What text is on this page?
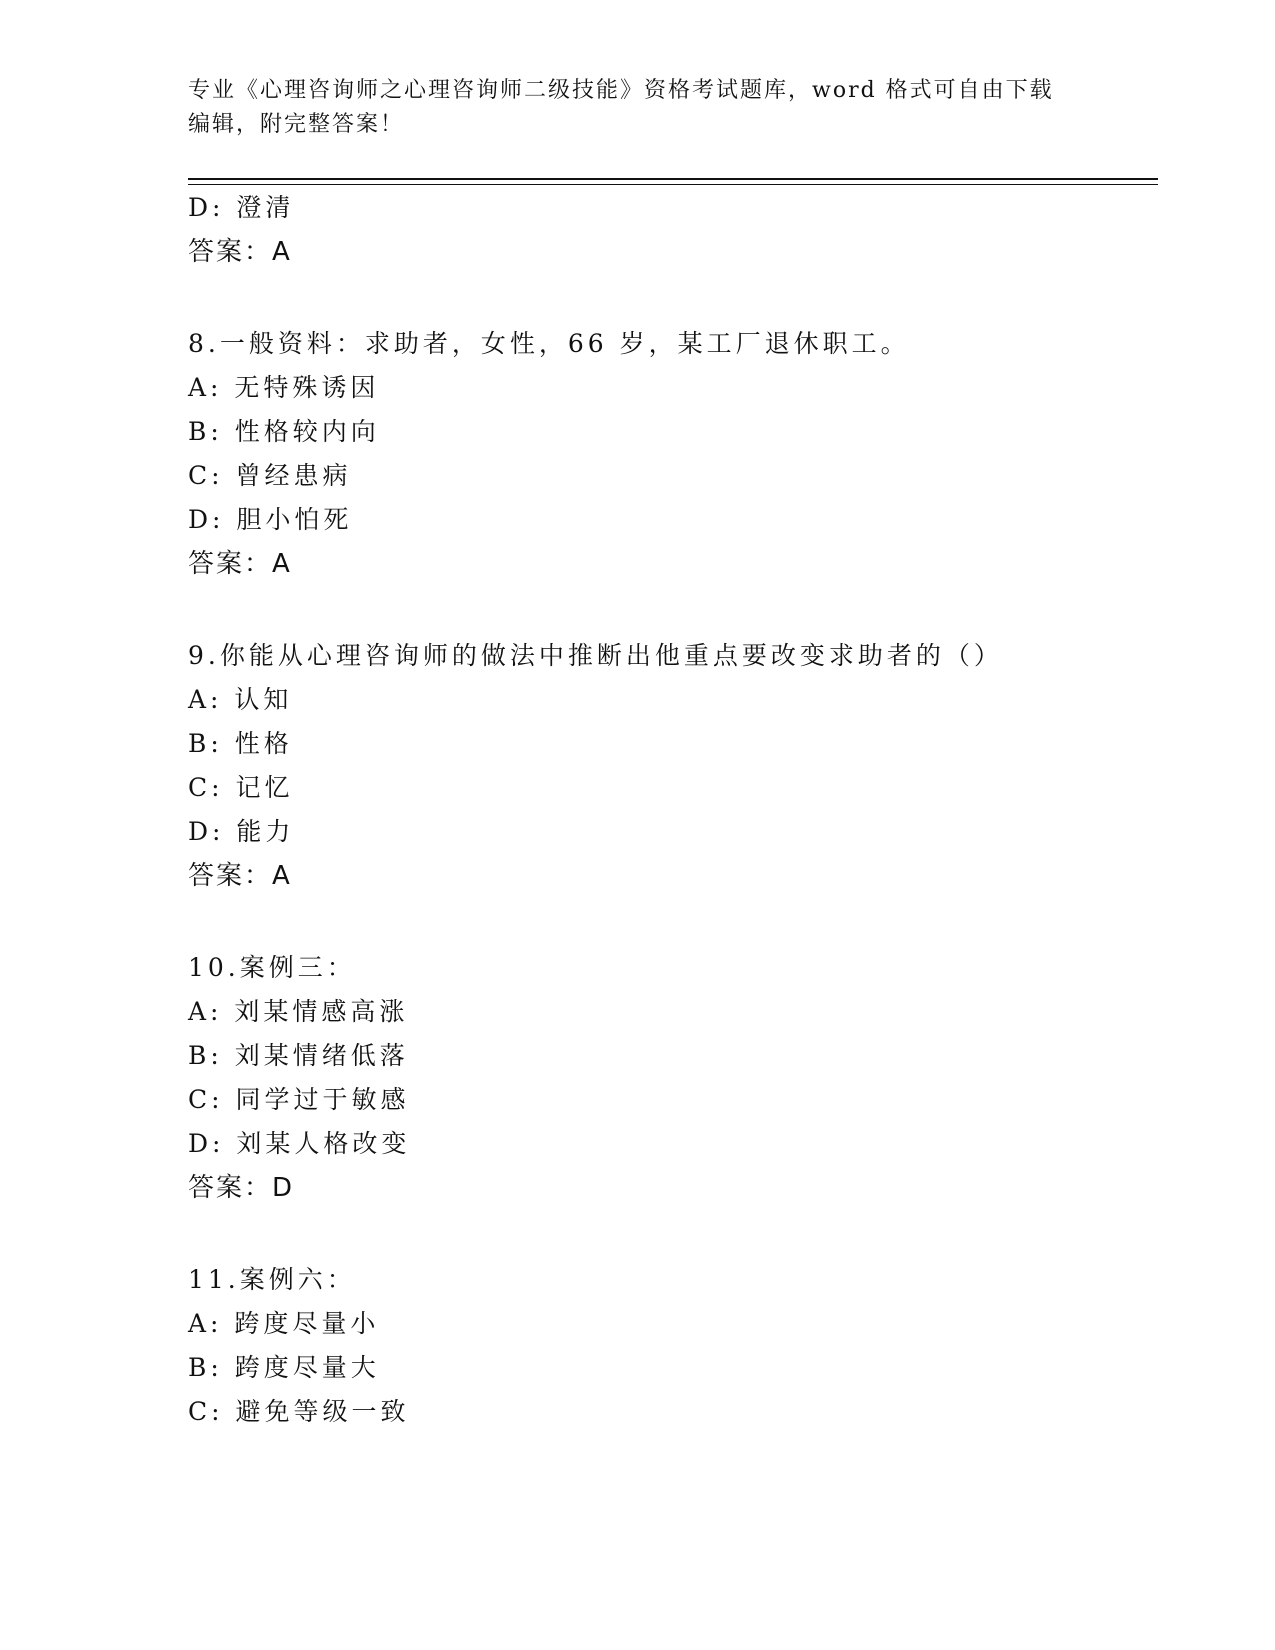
专业《心理咨询师之心理咨询师二级技能》资格考试题库，word 格式可自由下载
编辑，附完整答案！
D: 澄清
答案：A
8.一般资料：求助者，女性，66 岁，某工厂退休职工。
A: 无特殊诱因
B: 性格较内向
C: 曾经患病
D: 胆小怕死
答案：A
9.你能从心理咨询师的做法中推断出他重点要改变求助者的（）
A: 认知
B: 性格
C: 记忆
D: 能力
答案：A
10.案例三：
A: 刘某情感高涨
B: 刘某情绪低落
C: 同学过于敏感
D: 刘某人格改变
答案：D
11.案例六：
A: 跨度尽量小
B: 跨度尽量大
C: 避免等级一致
